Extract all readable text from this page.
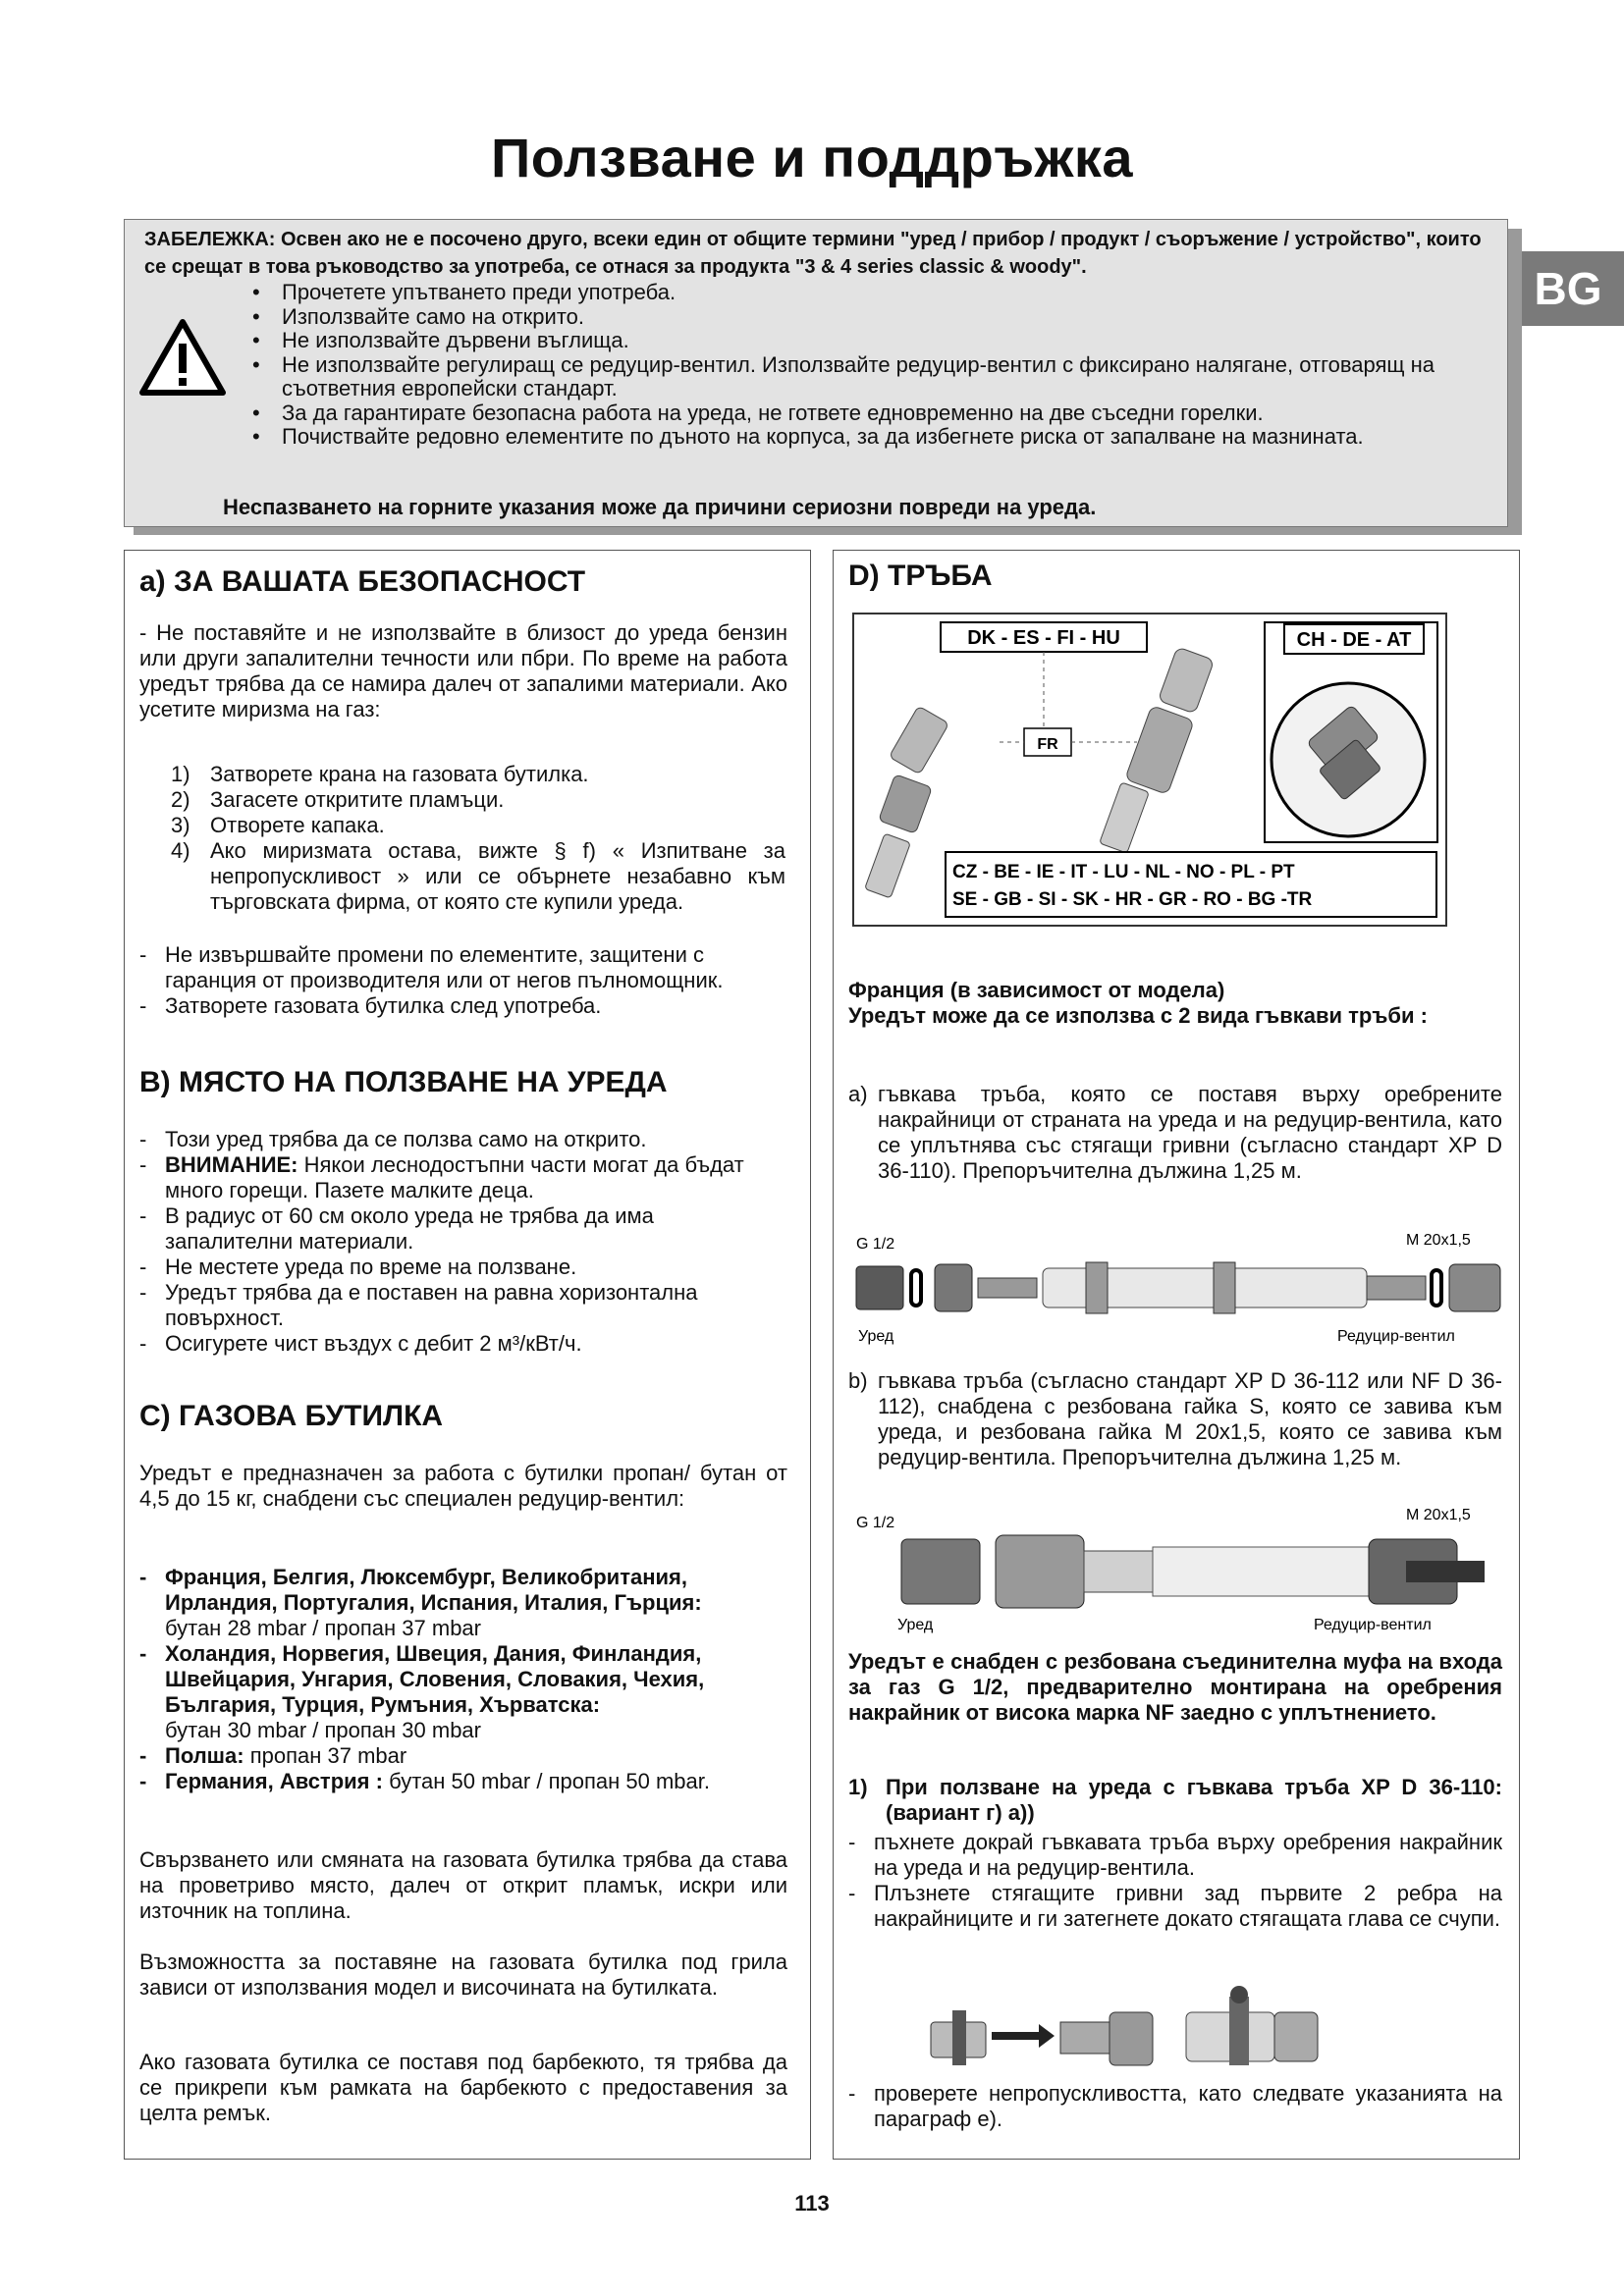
Ползване и поддръжка
BG
ЗАБЕЛЕЖКА: Освен ако не е посочено друго, всеки един от общите термини "уред / прибор / продукт / съоръжение / устройство", които се срещат в това ръководство за употреба, се отнася за продукта "3 & 4 series classic & woody".
• Прочетете упътването преди употреба.
• Използвайте само на открито.
• Не използвайте дървени въглища.
• Не използвайте регулиращ се редуцир-вентил. Използвайте редуцир-вентил с фиксирано налягане, отговарящ на съответния европейски стандарт.
• За да гарантирате безопасна работа на уреда, не гответе едновременно на две съседни горелки.
• Почиствайте редовно елементите по дъното на корпуса, за да избегнете риска от запалване на мазнината.
Неспазването на горните указания може да причини сериозни повреди на уреда.
a) ЗА ВАШАТА БЕЗОПАСНОСТ
- Не поставяйте и не използвайте в близост до уреда бензин или други запалителни течности или пбри. По време на работа уредът трябва да се намира далеч от запалими материали. Ако усетите миризма на газ:
1) Затворете крана на газовата бутилка.
2) Загасете откритите пламъци.
3) Отворете капака.
4) Ако миризмата остава, вижте § f) « Изпитване за непропускливост » или се обърнете незабавно към търговската фирма, от която сте купили уреда.
- Не извършвайте промени по елементите, защитени с гаранция от производителя или от негов пълномощник.
- Затворете газовата бутилка след употреба.
B) МЯСТО НА ПОЛЗВАНЕ НА УРЕДА
- Този уред трябва да се ползва само на открито.
- ВНИМАНИЕ: Някои леснодостъпни части могат да бъдат много горещи. Пазете малките деца.
- В радиус от 60 см около уреда не трябва да има запалителни материали.
- Не местете уреда по време на ползване.
- Уредът трябва да е поставен на равна хоризонтална повърхност.
- Осигурете чист въздух с дебит 2 м³/кВт/ч.
C) ГАЗОВА БУТИЛКА
Уредът е предназначен за работа с бутилки пропан/ бутан от 4,5 до 15 кг, снабдени със специален редуцир-вентил:
- Франция, Белгия, Люксембург, Великобритания, Ирландия, Португалия, Испания, Италия, Гърция:
бутан 28 mbar / пропан 37 mbar
- Холандия, Норвегия, Швеция, Дания, Финландия, Швейцария, Унгария, Словения, Словакия, Чехия, България, Турция, Румъния, Хърватска:
бутан 30 mbar / пропан 30 mbar
- Полша: пропан 37 mbar
- Германия, Австрия : бутан 50 mbar / пропан 50 mbar.
Свързването или смяната на газовата бутилка трябва да става на проветриво място, далеч от открит пламък, искри или източник на топлина.
Възможността за поставяне на газовата бутилка под грила зависи от използвания модел и височината на бутилката.
Ако газовата бутилка се поставя под барбекюто, тя трябва да се прикрепи към рамката на барбекюто с предоставения за целта ремък.
D) ТРЪБА
DK - ES - FI - HU
FR
CH - DE - AT
CZ - BE - IE - IT - LU - NL - NO - PL - PT
SE - GB - SI - SK - HR - GR - RO - BG -TR
Франция (в зависимост от модела)
Уредът може да се използва с 2 вида гъвкави тръби :
a) гъвкава тръба, която се поставя върху оребрените накрайници от страната на уреда и на редуцир-вентила, като се уплътнява със стягащи гривни (съгласно стандарт XP D 36-110). Препоръчителна дължина 1,25 м.
G 1/2	M 20x1,5
Уред	Редуцир-вентил
b) гъвкава тръба (съгласно стандарт XP D 36-112 или NF D 36-112), снабдена с резбована гайка S, която се завива към уреда, и резбована гайка M 20x1,5, която се завива към редуцир-вентила. Препоръчителна дължина 1,25 м.
G 1/2	M 20x1,5
Уред	Редуцир-вентил
Уредът е снабден с резбована съединителна муфа на входа за газ G 1/2, предварително монтирана на оребрения накрайник от висока марка NF заедно с уплътнението.
1) При ползване на уреда с гъвкава тръба XP D 36-110: (вариант г) а))
- пъхнете докрай гъвкавата тръба върху оребрения накрайник на уреда и на редуцир-вентила.
- Плъзнете стягащите гривни зад първите 2 ребра на накрайниците и ги затегнете докато стягащата глава се счупи.
- проверете непропускливостта, като следвате указанията на параграф е).
113
